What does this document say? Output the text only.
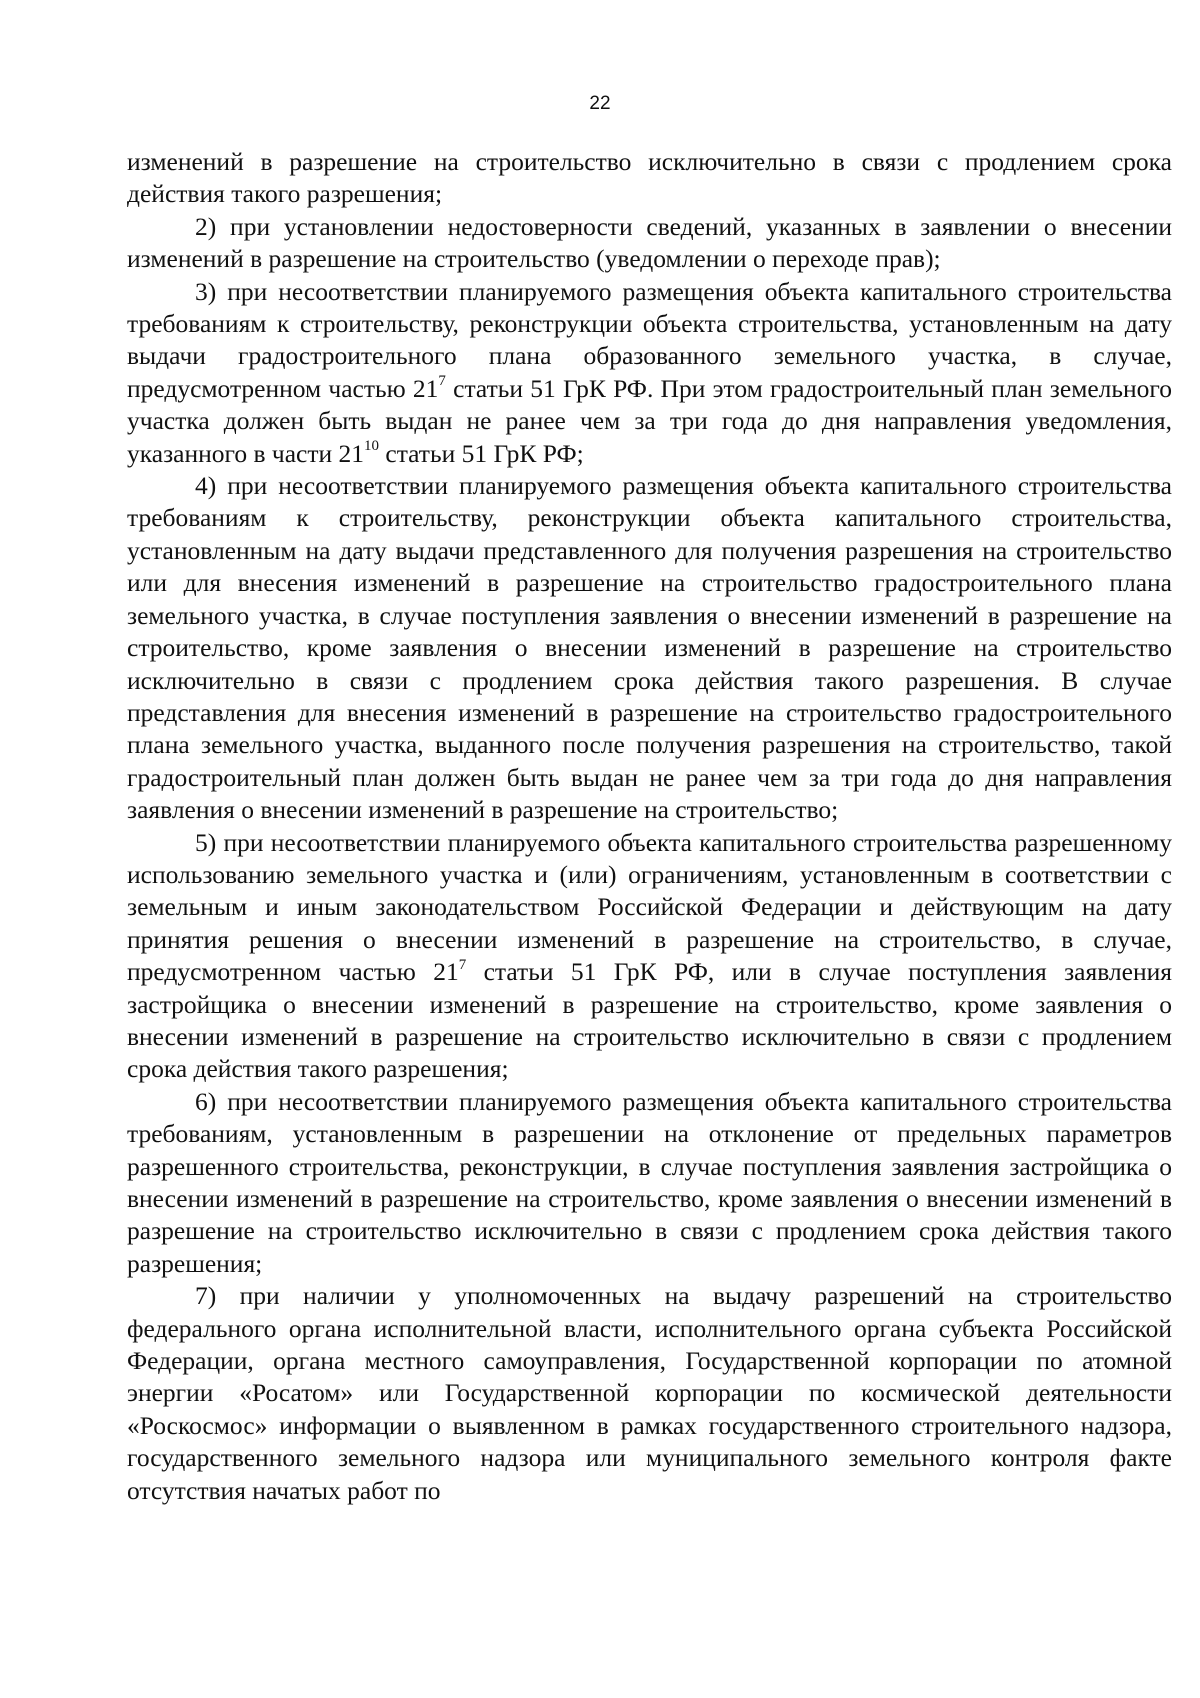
22

изменений в разрешение на строительство исключительно в связи с продлением срока действия такого разрешения;

2) при установлении недостоверности сведений, указанных в заявлении о внесении изменений в разрешение на строительство (уведомлении о переходе прав);

3) при несоответствии планируемого размещения объекта капитального строительства требованиям к строительству, реконструкции объекта строительства, установленным на дату выдачи градостроительного плана образованного земельного участка, в случае, предусмотренном частью $21^7$ статьи 51 ГрК РФ. При этом градостроительный план земельного участка должен быть выдан не ранее чем за три года до дня направления уведомления, указанного в части $21^{10}$ статьи 51 ГрК РФ;

4) при несоответствии планируемого размещения объекта капитального строительства требованиям к строительству, реконструкции объекта капитального строительства, установленным на дату выдачи представленного для получения разрешения на строительство или для внесения изменений в разрешение на строительство градостроительного плана земельного участка, в случае поступления заявления о внесении изменений в разрешение на строительство, кроме заявления о внесении изменений в разрешение на строительство исключительно в связи с продлением срока действия такого разрешения. В случае представления для внесения изменений в разрешение на строительство градостроительного плана земельного участка, выданного после получения разрешения на строительство, такой градостроительный план должен быть выдан не ранее чем за три года до дня направления заявления о внесении изменений в разрешение на строительство;

5) при несоответствии планируемого объекта капитального строительства разрешенному использованию земельного участка и (или) ограничениям, установленным в соответствии с земельным и иным законодательством Российской Федерации и действующим на дату принятия решения о внесении изменений в разрешение на строительство, в случае, предусмотренном частью $21^7$ статьи 51 ГрК РФ, или в случае поступления заявления застройщика о внесении изменений в разрешение на строительство, кроме заявления о внесении изменений в разрешение на строительство исключительно в связи с продлением срока действия такого разрешения;

6) при несоответствии планируемого размещения объекта капитального строительства требованиям, установленным в разрешении на отклонение от предельных параметров разрешенного строительства, реконструкции, в случае поступления заявления застройщика о внесении изменений в разрешение на строительство, кроме заявления о внесении изменений в разрешение на строительство исключительно в связи с продлением срока действия такого разрешения;

7) при наличии у уполномоченных на выдачу разрешений на строительство федерального органа исполнительной власти, исполнительного органа субъекта Российской Федерации, органа местного самоуправления, Государственной корпорации по атомной энергии «Росатом» или Государственной корпорации по космической деятельности «Роскосмос» информации о выявленном в рамках государственного строительного надзора, государственного земельного надзора или муниципального земельного контроля факте отсутствия начатых работ по
